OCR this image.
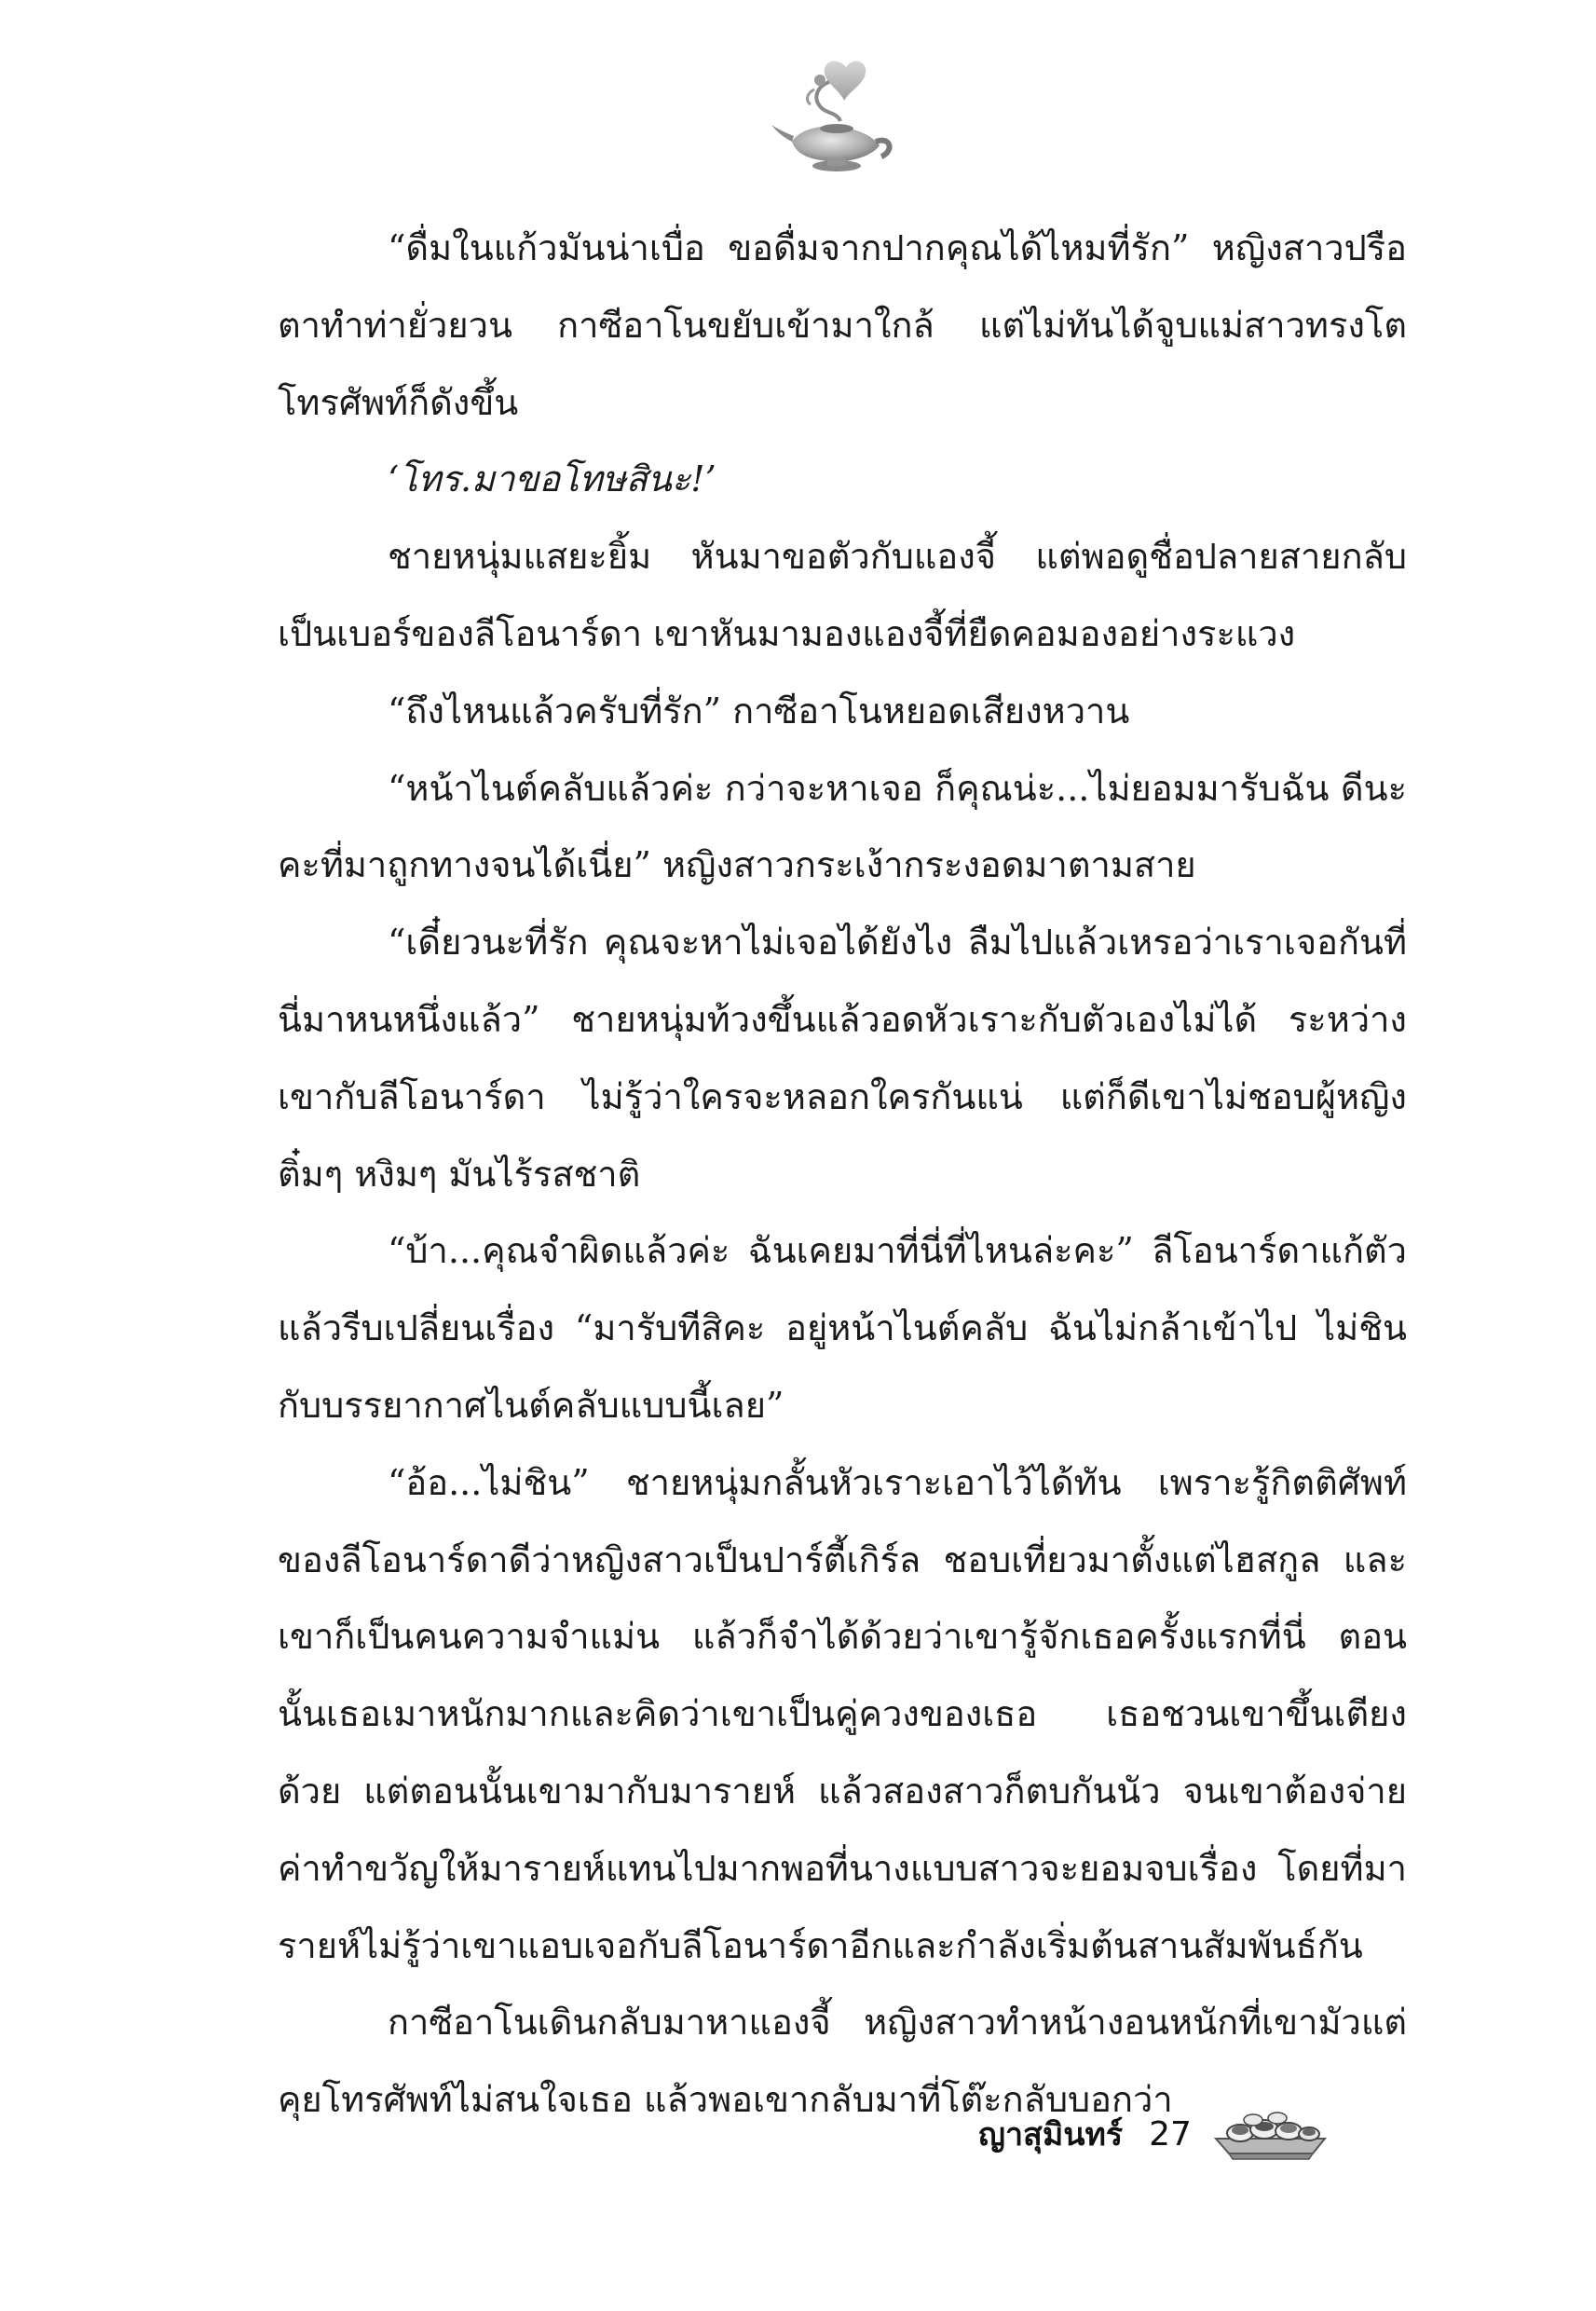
“ดื่มในแก้วมันน่าเบื่อ ขอดื่มจากปากคุณได้ไหมที่รัก” หญิงสาวปรือตาทำท่ายั่วยวน กาซีอาโนขยับเข้ามาใกล้ แต่ไม่ทันได้จูบแม่สาวทรงโตโทรศัพท์ก็ดังขึ้น

‘โทร.มาขอโทษสินะ!’

ชายหนุ่มแสยะยิ้ม หันมาขอตัวกับแองจี้ แต่พอดูชื่อปลายสายกลับเป็นเบอร์ของลีโอนาร์ดา เขาหันมามองแองจี้ที่ยืดคอมองอย่างระแวง

“ถึงไหนแล้วครับที่รัก” กาซีอาโนหยอดเสียงหวาน

“หน้าไนต์คลับแล้วค่ะ กว่าจะหาเจอ ก็คุณน่ะ...ไม่ยอมมารับฉัน ดีนะคะที่มาถูกทางจนได้เนี่ย” หญิงสาวกระเง้ากระงอดมาตามสาย

“เดี๋ยวนะที่รัก คุณจะหาไม่เจอได้ยังไง ลืมไปแล้วเหรอว่าเราเจอกันที่นี่มาหนหนึ่งแล้ว” ชายหนุ่มท้วงขึ้นแล้วอดหัวเราะกับตัวเองไม่ได้ ระหว่างเขากับลีโอนาร์ดา ไม่รู้ว่าใครจะหลอกใครกันแน่ แต่ก็ดีเขาไม่ชอบผู้หญิงติ๋มๆ หงิมๆ มันไร้รสชาติ

“บ้า...คุณจำผิดแล้วค่ะ ฉันเคยมาที่นี่ที่ไหนล่ะคะ” ลีโอนาร์ดาแก้ตัวแล้วรีบเปลี่ยนเรื่อง “มารับทีสิคะ อยู่หน้าไนต์คลับ ฉันไม่กล้าเข้าไป ไม่ชินกับบรรยากาศไนต์คลับแบบนี้เลย”

“อ้อ...ไม่ชิน” ชายหนุ่มกลั้นหัวเราะเอาไว้ได้ทัน เพราะรู้กิตติศัพท์ของลีโอนาร์ดาดีว่าหญิงสาวเป็นปาร์ตี้เกิร์ล ชอบเที่ยวมาตั้งแต่ไฮสกูล และเขาก็เป็นคนความจำแม่น แล้วก็จำได้ด้วยว่าเขารู้จักเธอครั้งแรกที่นี่ ตอนนั้นเธอเมาหนักมากและคิดว่าเขาเป็นคู่ควงของเธอ เธอชวนเขาขึ้นเตียงด้วย แต่ตอนนั้นเขามากับมารายห์ แล้วสองสาวก็ตบกันนัว จนเขาต้องจ่ายค่าทำขวัญให้มารายห์แทนไปมากพอที่นางแบบสาวจะยอมจบเรื่อง โดยที่มารายห์ไม่รู้ว่าเขาแอบเจอกับลีโอนาร์ดาอีกและกำลังเริ่มต้นสานสัมพันธ์กัน

กาซีอาโนเดินกลับมาหาแองจี้ หญิงสาวทำหน้างอนหนักที่เขามัวแต่คุยโทรศัพท์ไม่สนใจเธอ แล้วพอเขากลับมาที่โต๊ะกลับบอกว่า

ญาสุมินทร์ 27
